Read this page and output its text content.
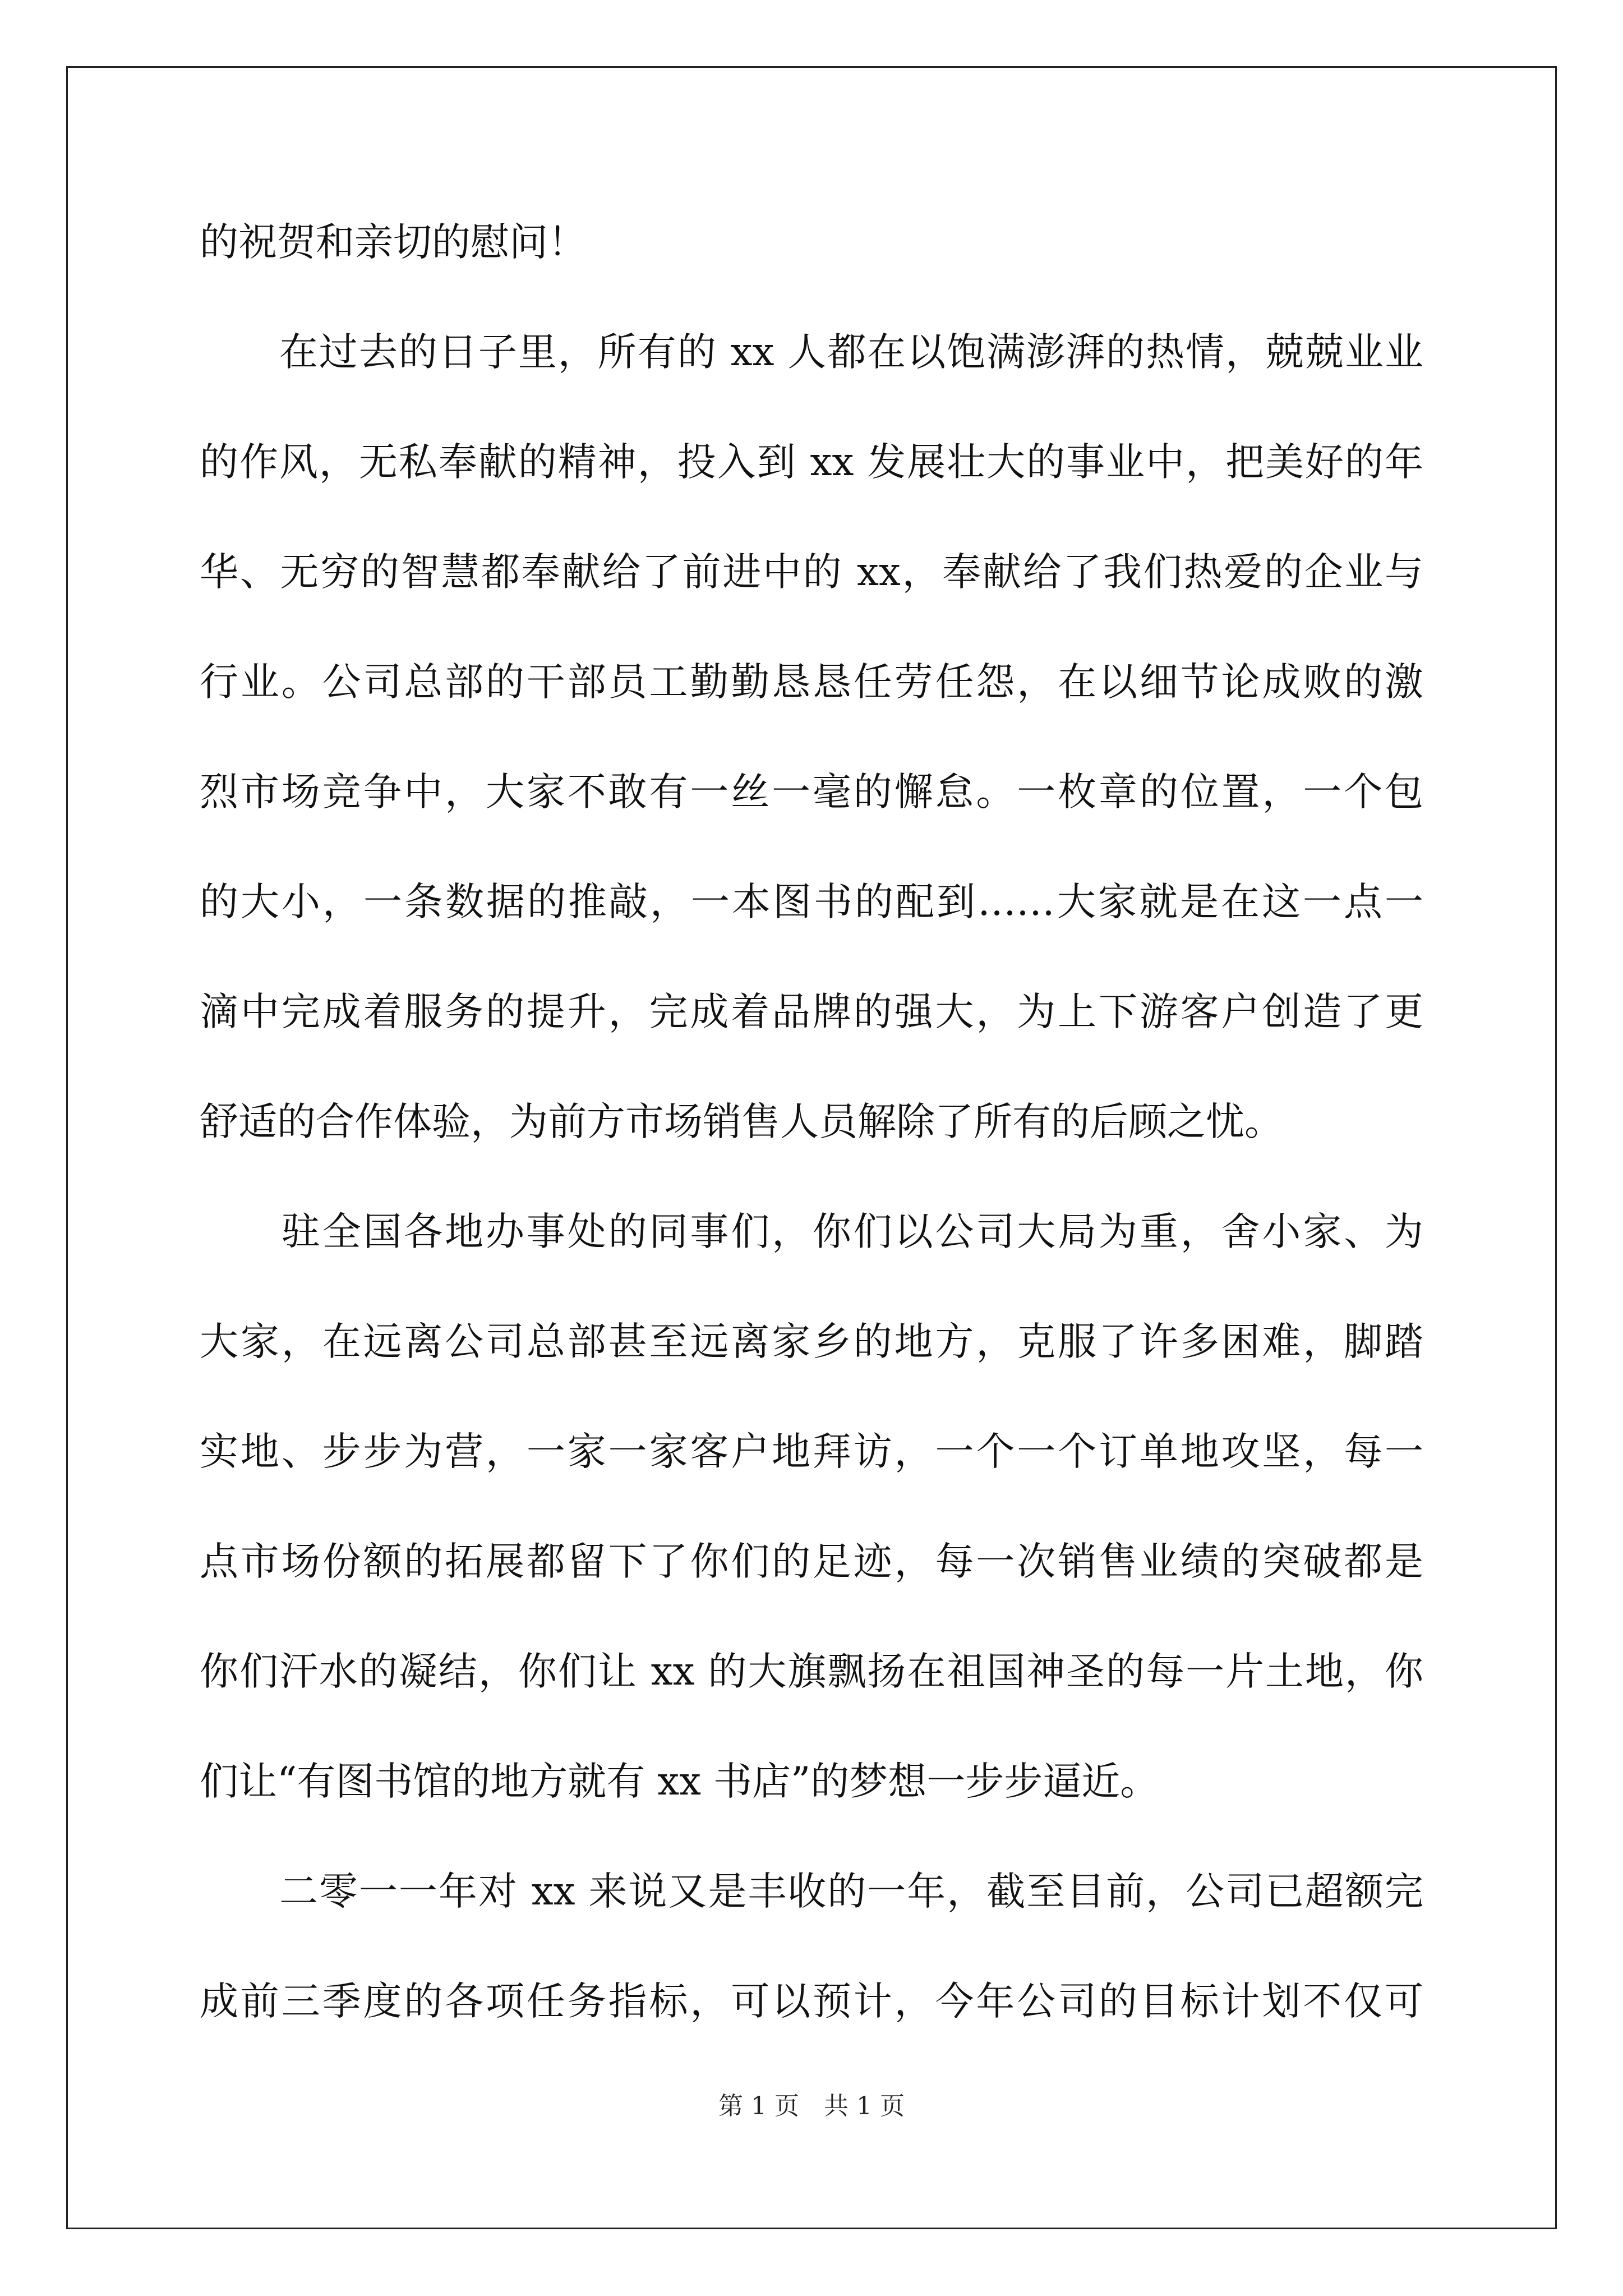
的祝贺和亲切的慰问！
　　在过去的日子里，所有的 xx 人都在以饱满澎湃的热情，兢兢业业
的作风，无私奉献的精神，投入到 xx 发展壮大的事业中，把美好的年
华、无穷的智慧都奉献给了前进中的 xx，奉献给了我们热爱的企业与
行业。公司总部的干部员工勤勤恳恳任劳任怨，在以细节论成败的激
烈市场竞争中，大家不敢有一丝一毫的懈怠。一枚章的位置，一个包
的大小，一条数据的推敲，一本图书的配到……大家就是在这一点一
滴中完成着服务的提升，完成着品牌的强大，为上下游客户创造了更
舒适的合作体验，为前方市场销售人员解除了所有的后顾之忧。
　　驻全国各地办事处的同事们，你们以公司大局为重，舍小家、为
大家，在远离公司总部甚至远离家乡的地方，克服了许多困难，脚踏
实地、步步为营，一家一家客户地拜访，一个一个订单地攻坚，每一
点市场份额的拓展都留下了你们的足迹，每一次销售业绩的突破都是
你们汗水的凝结，你们让 xx 的大旗飘扬在祖国神圣的每一片土地，你
们让“有图书馆的地方就有 xx 书店”的梦想一步步逼近。
　　二零一一年对 xx 来说又是丰收的一年，截至目前，公司已超额完
成前三季度的各项任务指标，可以预计，今年公司的目标计划不仅可
第 1 页　共 1 页
